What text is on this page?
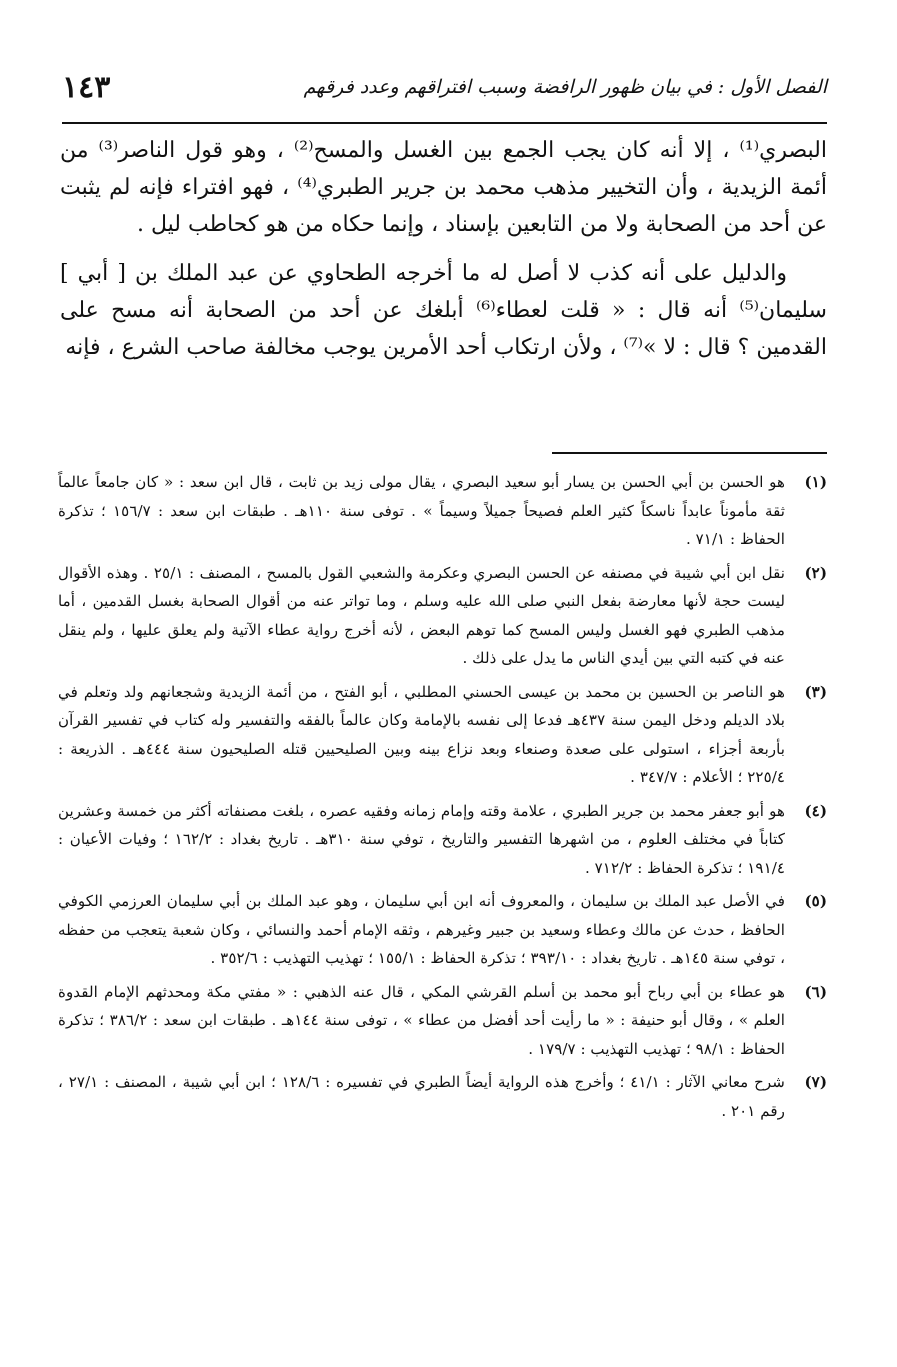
الفصل الأول : في بيان ظهور الرافضة وسبب افتراقهم وعدد فرقهم
١٤٣

البصري⁽¹⁾ ، إلا أنه كان يجب الجمع بين الغسل والمسح⁽²⁾ ، وهو قول الناصر⁽³⁾ من أئمة الزيدية ، وأن التخيير مذهب محمد بن جرير الطبري⁽⁴⁾ ، فهو افتراء فإنه لم يثبت عن أحد من الصحابة ولا من التابعين بإسناد ، وإنما حكاه من هو كحاطب ليل .

والدليل على أنه كذب لا أصل له ما أخرجه الطحاوي عن عبد الملك بن [ أبي ] سليمان⁽⁵⁾ أنه قال : « قلت لعطاء⁽⁶⁾ أبلغك عن أحد من الصحابة أنه مسح على القدمين ؟ قال : لا »⁽⁷⁾ ، ولأن ارتكاب أحد الأمرين يوجب مخالفة صاحب الشرع ، فإنه

(١)
هو الحسن بن أبي الحسن بن يسار أبو سعيد البصري ، يقال مولى زيد بن ثابت ، قال ابن سعد : « كان جامعاً عالماً ثقة مأموناً عابداً ناسكاً كثير العلم فصيحاً جميلاً وسيماً » . توفى سنة ١١٠هـ . طبقات ابن سعد : ١٥٦/٧ ؛ تذكرة الحفاظ : ٧١/١ .
(٢)
نقل ابن أبي شيبة في مصنفه عن الحسن البصري وعكرمة والشعبي القول بالمسح ، المصنف : ٢٥/١ . وهذه الأقوال ليست حجة لأنها معارضة بفعل النبي صلى الله عليه وسلم ، وما تواتر عنه من أقوال الصحابة بغسل القدمين ، أما مذهب الطبري فهو الغسل وليس المسح كما توهم البعض ، لأنه أخرج رواية عطاء الآتية ولم يعلق عليها ، ولم ينقل عنه في كتبه التي بين أيدي الناس ما يدل على ذلك .
(٣)
هو الناصر بن الحسين بن محمد بن عيسى الحسني المطلبي ، أبو الفتح ، من أئمة الزيدية وشجعانهم ولد وتعلم في بلاد الديلم ودخل اليمن سنة ٤٣٧هـ فدعا إلى نفسه بالإمامة وكان عالماً بالفقه والتفسير وله كتاب في تفسير القرآن بأربعة أجزاء ، استولى على صعدة وصنعاء وبعد نزاع بينه وبين الصليحيين قتله الصليحيون سنة ٤٤٤هـ . الذريعة : ٢٢٥/٤ ؛ الأعلام : ٣٤٧/٧ .
(٤)
هو أبو جعفر محمد بن جرير الطبري ، علامة وقته وإمام زمانه وفقيه عصره ، بلغت مصنفاته أكثر من خمسة وعشرين كتاباً في مختلف العلوم ، من اشهرها التفسير والتاريخ ، توفي سنة ٣١٠هـ . تاريخ بغداد : ١٦٢/٢ ؛ وفيات الأعيان : ١٩١/٤ ؛ تذكرة الحفاظ : ٧١٢/٢ .
(٥)
في الأصل عبد الملك بن سليمان ، والمعروف أنه ابن أبي سليمان ، وهو عبد الملك بن أبي سليمان العرزمي الكوفي الحافظ ، حدث عن مالك وعطاء وسعيد بن جبير وغيرهم ، وثقه الإمام أحمد والنسائي ، وكان شعبة يتعجب من حفظه ، توفي سنة ١٤٥هـ . تاريخ بغداد : ٣٩٣/١٠ ؛ تذكرة الحفاظ : ١٥٥/١ ؛ تهذيب التهذيب : ٣٥٢/٦ .
(٦)
هو عطاء بن أبي رباح أبو محمد بن أسلم القرشي المكي ، قال عنه الذهبي : « مفتي مكة ومحدثهم الإمام القدوة العلم » ، وقال أبو حنيفة : « ما رأيت أحد أفضل من عطاء » ، توفى سنة ١٤٤هـ . طبقات ابن سعد : ٣٨٦/٢ ؛ تذكرة الحفاظ : ٩٨/١ ؛ تهذيب التهذيب : ١٧٩/٧ .
(٧)
شرح معاني الآثار : ٤١/١ ؛ وأخرج هذه الرواية أيضاً الطبري في تفسيره : ١٢٨/٦ ؛ ابن أبي شيبة ، المصنف : ٢٧/١ ، رقم ٢٠١ .
